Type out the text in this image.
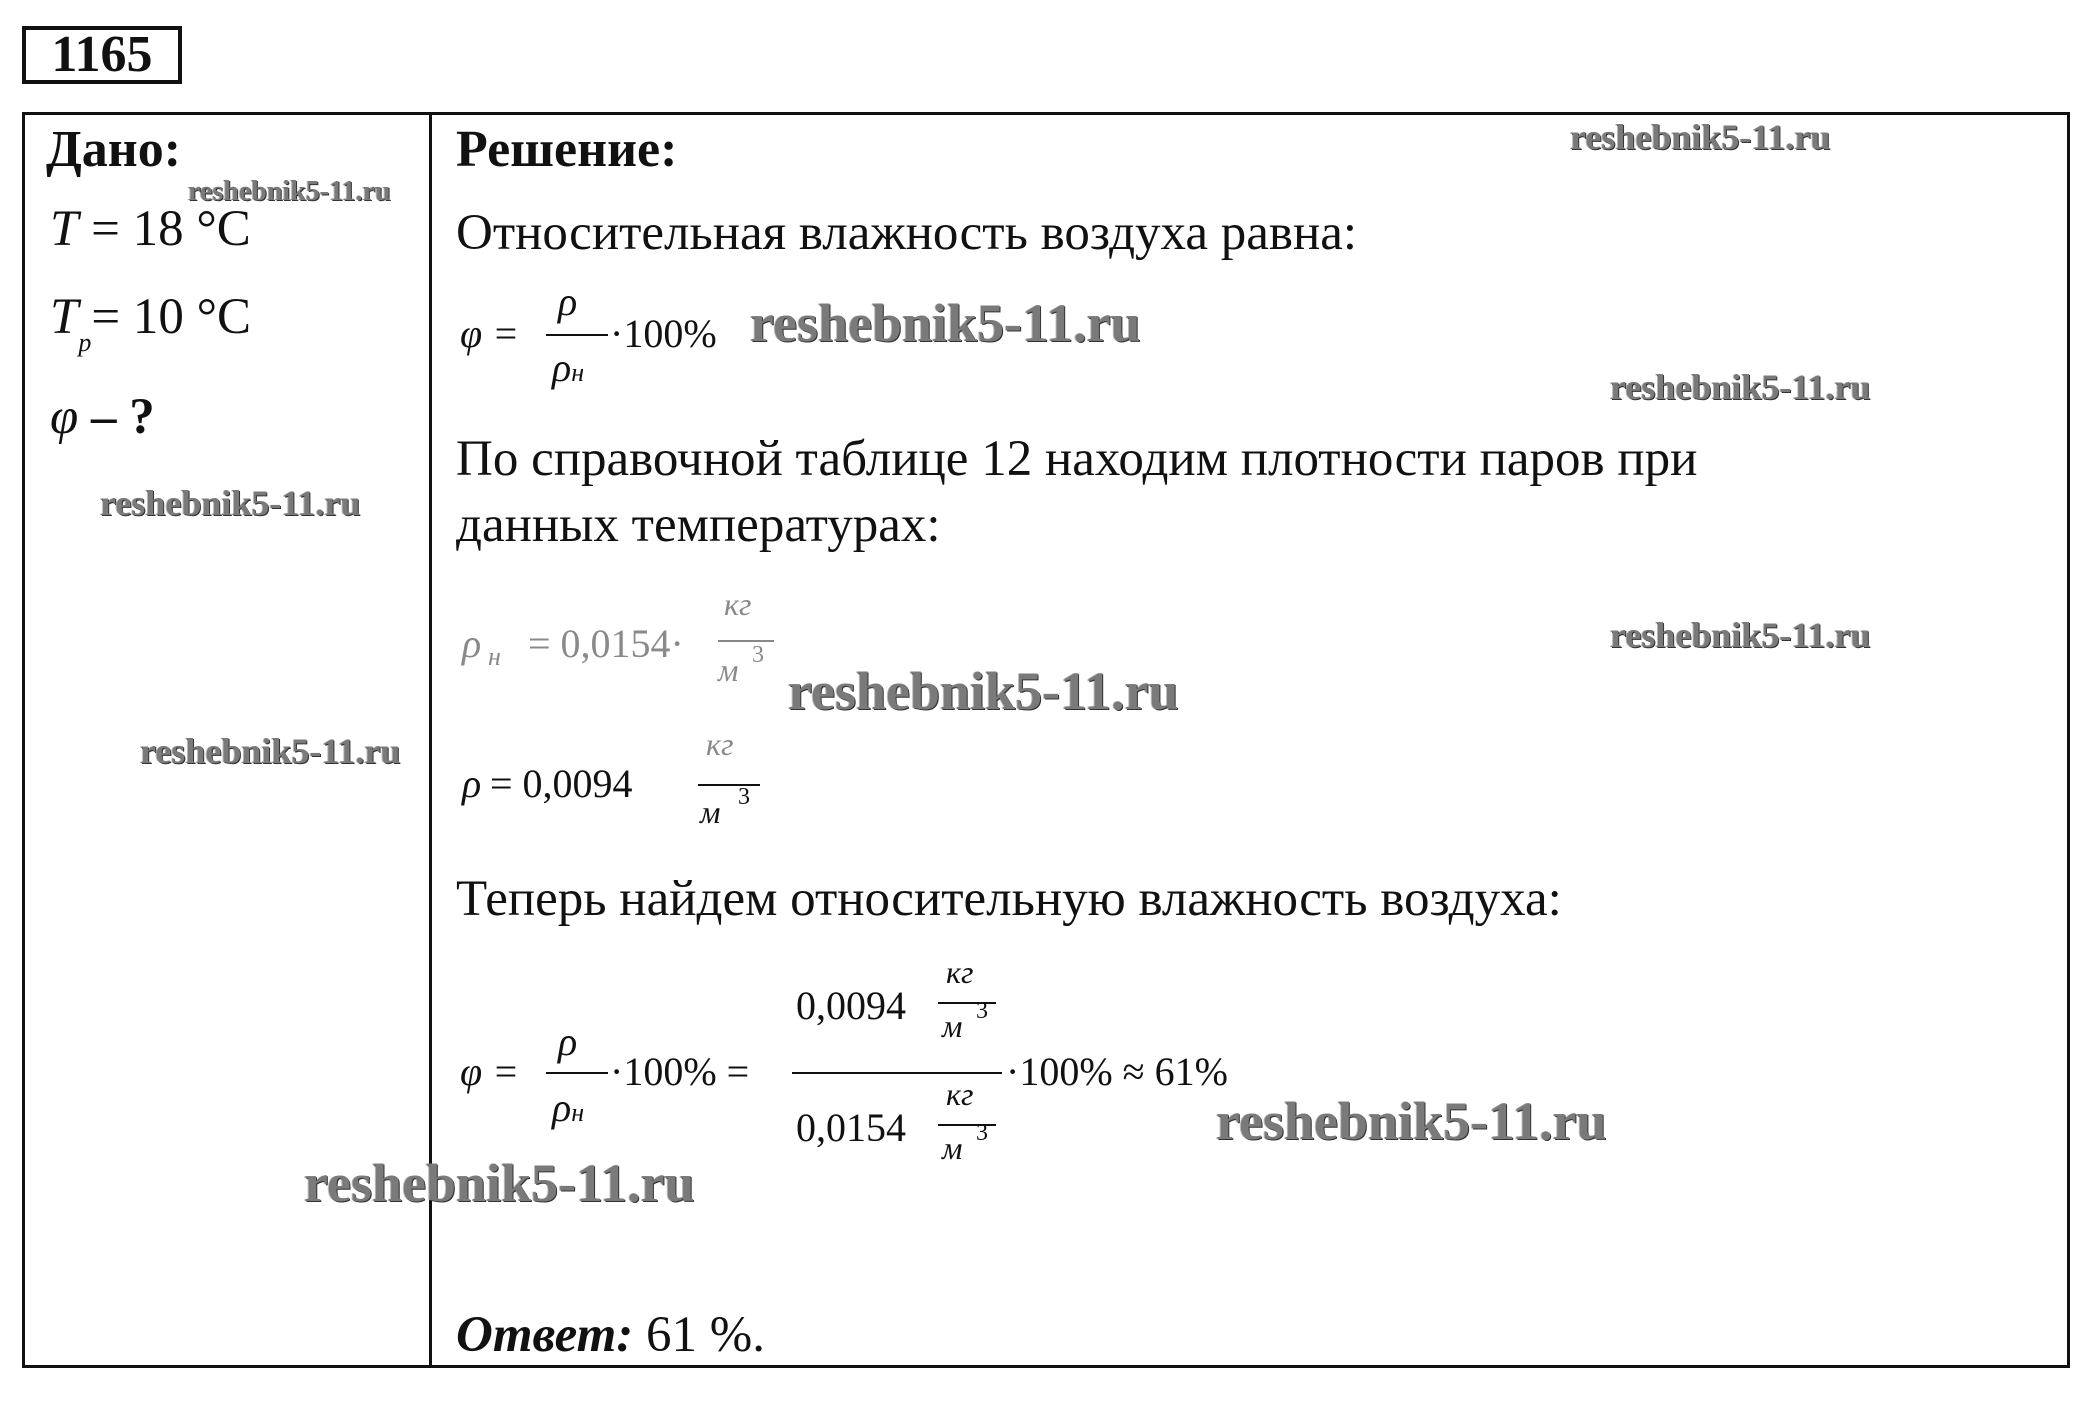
1165
Дано:
T = 18 °C
$T_p= 10$ °C
φ – ?
Решение:
Относительная влажность воздуха равна:
φ =
ρ
ρн
·100%
По справочной таблице 12 находим плотности паров при
данных температурах:
ρ н = 0,0154·
кг
м 3
ρ = 0,0094
кг
м 3
Теперь найдем относительную влажность воздуха:
φ =
ρ
ρн
·100% =
0,0094
кг
м 3
0,0154
кг
м 3
·100% ≈ 61%
Ответ: 61 %.
reshebnik5-11.ru
reshebnik5-11.ru
reshebnik5-11.ru
reshebnik5-11.ru
reshebnik5-11.ru
reshebnik5-11.ru
reshebnik5-11.ru
reshebnik5-11.ru
reshebnik5-11.ru
reshebnik5-11.ru
